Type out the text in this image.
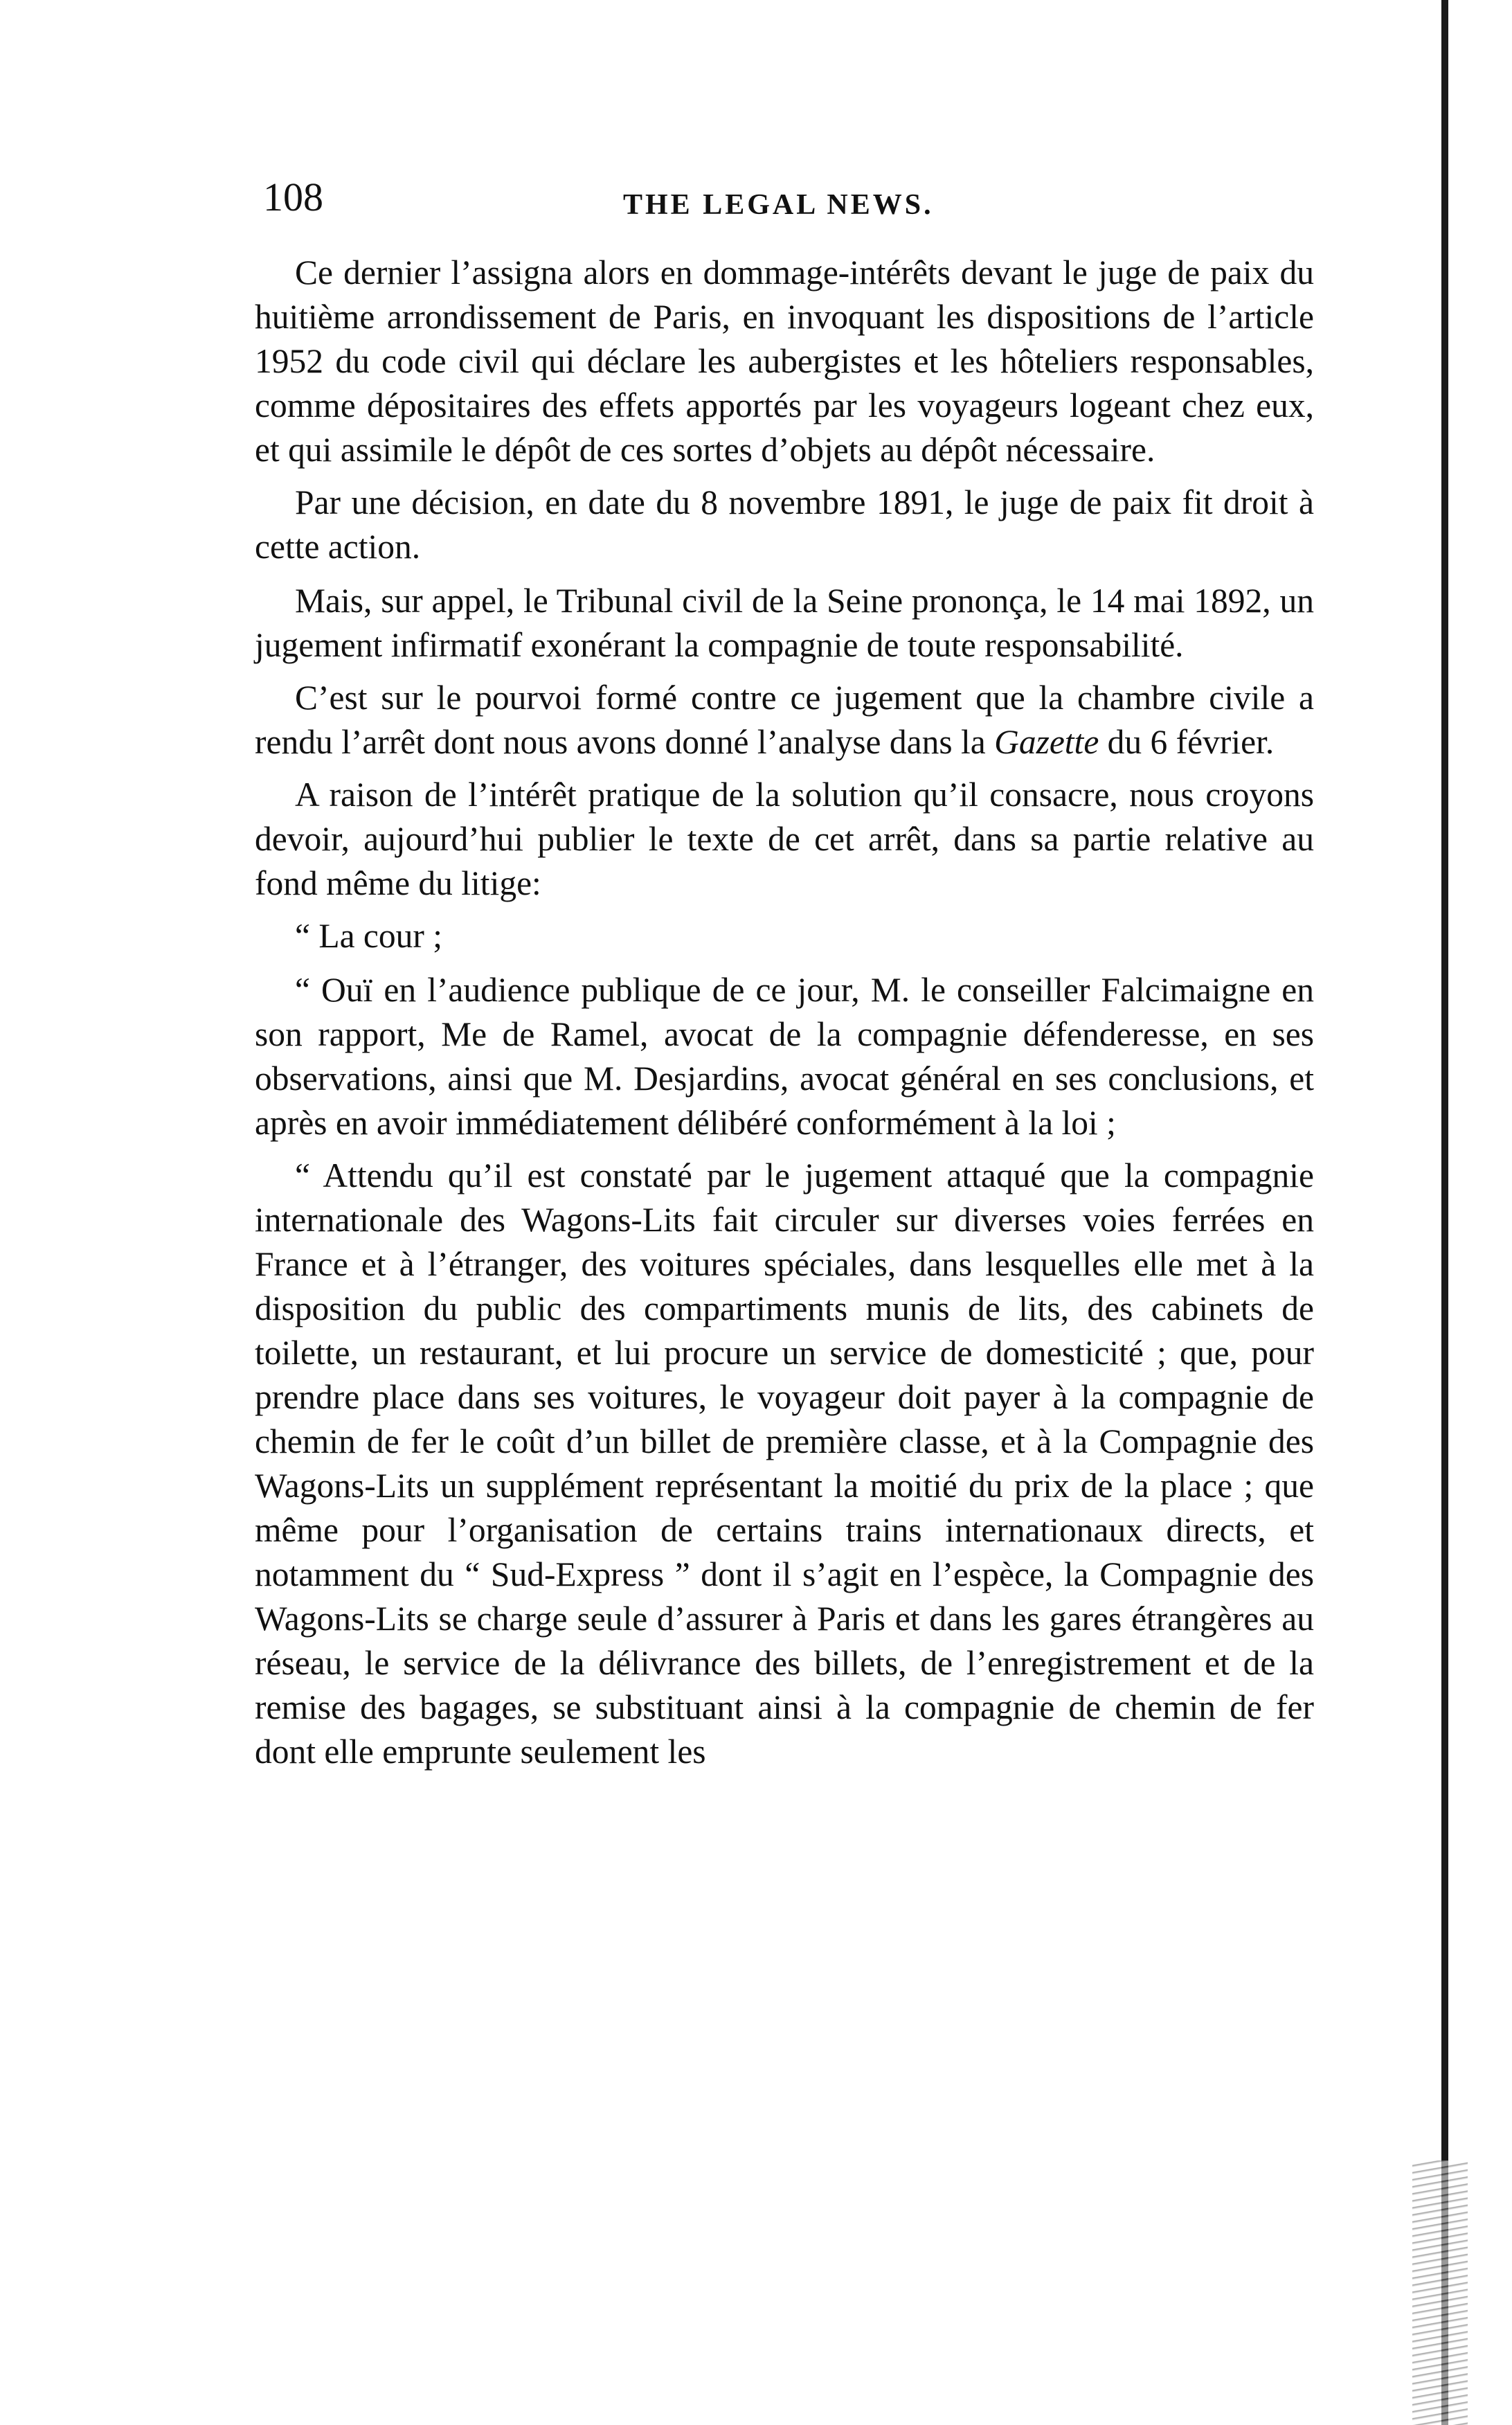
108	THE LEGAL NEWS.

Ce dernier l’assigna alors en dommage-intérêts devant le juge de paix du huitième arrondissement de Paris, en invoquant les dispositions de l’article 1952 du code civil qui déclare les aubergistes et les hôteliers responsables, comme dépositaires des effets apportés par les voyageurs logeant chez eux, et qui assimile le dépôt de ces sortes d’objets au dépôt nécessaire.

Par une décision, en date du 8 novembre 1891, le juge de paix fit droit à cette action.

Mais, sur appel, le Tribunal civil de la Seine prononça, le 14 mai 1892, un jugement infirmatif exonérant la compagnie de toute responsabilité.

C’est sur le pourvoi formé contre ce jugement que la chambre civile a rendu l’arrêt dont nous avons donné l’analyse dans la Gazette du 6 février.

A raison de l’intérêt pratique de la solution qu’il consacre, nous croyons devoir, aujourd’hui publier le texte de cet arrêt, dans sa partie relative au fond même du litige:

“ La cour ;

“ Ouï en l’audience publique de ce jour, M. le conseiller Falcimaigne en son rapport, Me de Ramel, avocat de la compagnie défenderesse, en ses observations, ainsi que M. Desjardins, avocat général en ses conclusions, et après en avoir immédiatement délibéré conformément à la loi ;

“ Attendu qu’il est constaté par le jugement attaqué que la compagnie internationale des Wagons-Lits fait circuler sur diverses voies ferrées en France et à l’étranger, des voitures spéciales, dans lesquelles elle met à la disposition du public des compartiments munis de lits, des cabinets de toilette, un restaurant, et lui procure un service de domesticité ; que, pour prendre place dans ses voitures, le voyageur doit payer à la compagnie de chemin de fer le coût d’un billet de première classe, et à la Compagnie des Wagons-Lits un supplément représentant la moitié du prix de la place ; que même pour l’organisation de certains trains internationaux directs, et notamment du “ Sud-Express ” dont il s’agit en l’espèce, la Compagnie des Wagons-Lits se charge seule d’assurer à Paris et dans les gares étrangères au réseau, le service de la délivrance des billets, de l’enregistrement et de la remise des bagages, se substituant ainsi à la compagnie de chemin de fer dont elle emprunte seulement les
